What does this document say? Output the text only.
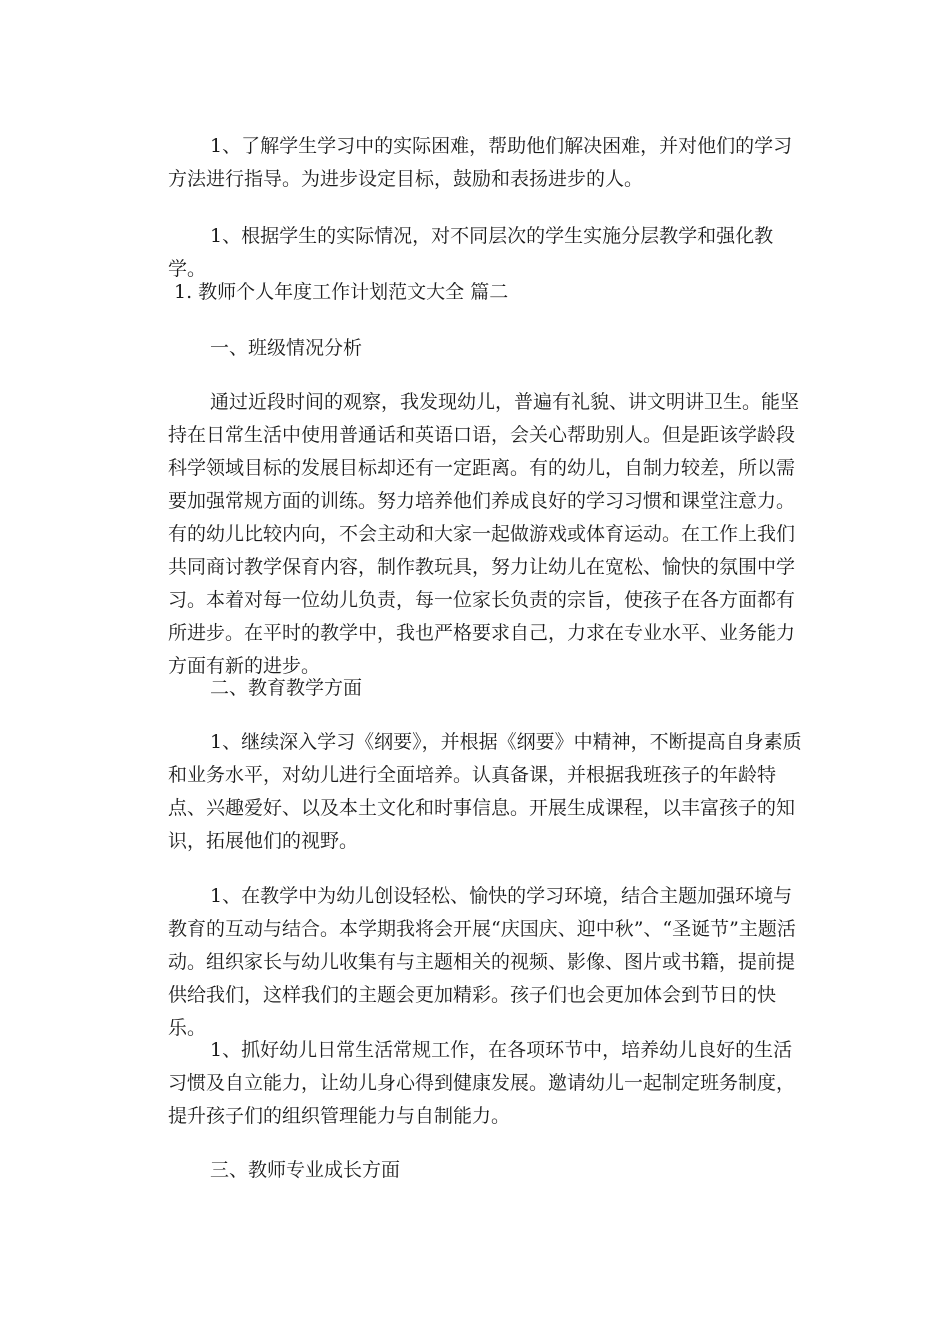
1、了解学生学习中的实际困难，帮助他们解决困难，并对他们的学习方法进行指导。为进步设定目标，鼓励和表扬进步的人。

1、根据学生的实际情况，对不同层次的学生实施分层教学和强化教学。

1. 教师个人年度工作计划范文大全 篇二

一、班级情况分析

通过近段时间的观察，我发现幼儿，普遍有礼貌、讲文明讲卫生。能坚持在日常生活中使用普通话和英语口语，会关心帮助别人。但是距该学龄段科学领域目标的发展目标却还有一定距离。有的幼儿，自制力较差，所以需要加强常规方面的训练。努力培养他们养成良好的学习习惯和课堂注意力。有的幼儿比较内向，不会主动和大家一起做游戏或体育运动。在工作上我们共同商讨教学保育内容，制作教玩具，努力让幼儿在宽松、愉快的氛围中学习。本着对每一位幼儿负责，每一位家长负责的宗旨，使孩子在各方面都有所进步。在平时的教学中，我也严格要求自己，力求在专业水平、业务能力方面有新的进步。

二、教育教学方面

1、继续深入学习《纲要》，并根据《纲要》中精神，不断提高自身素质和业务水平，对幼儿进行全面培养。认真备课，并根据我班孩子的年龄特点、兴趣爱好、以及本土文化和时事信息。开展生成课程，以丰富孩子的知识，拓展他们的视野。

1、在教学中为幼儿创设轻松、愉快的学习环境，结合主题加强环境与教育的互动与结合。本学期我将会开展“庆国庆、迎中秋”、“圣诞节”主题活动。组织家长与幼儿收集有与主题相关的视频、影像、图片或书籍，提前提供给我们，这样我们的主题会更加精彩。孩子们也会更加体会到节日的快乐。

1、抓好幼儿日常生活常规工作，在各项环节中，培养幼儿良好的生活习惯及自立能力，让幼儿身心得到健康发展。邀请幼儿一起制定班务制度，提升孩子们的组织管理能力与自制能力。

三、教师专业成长方面
